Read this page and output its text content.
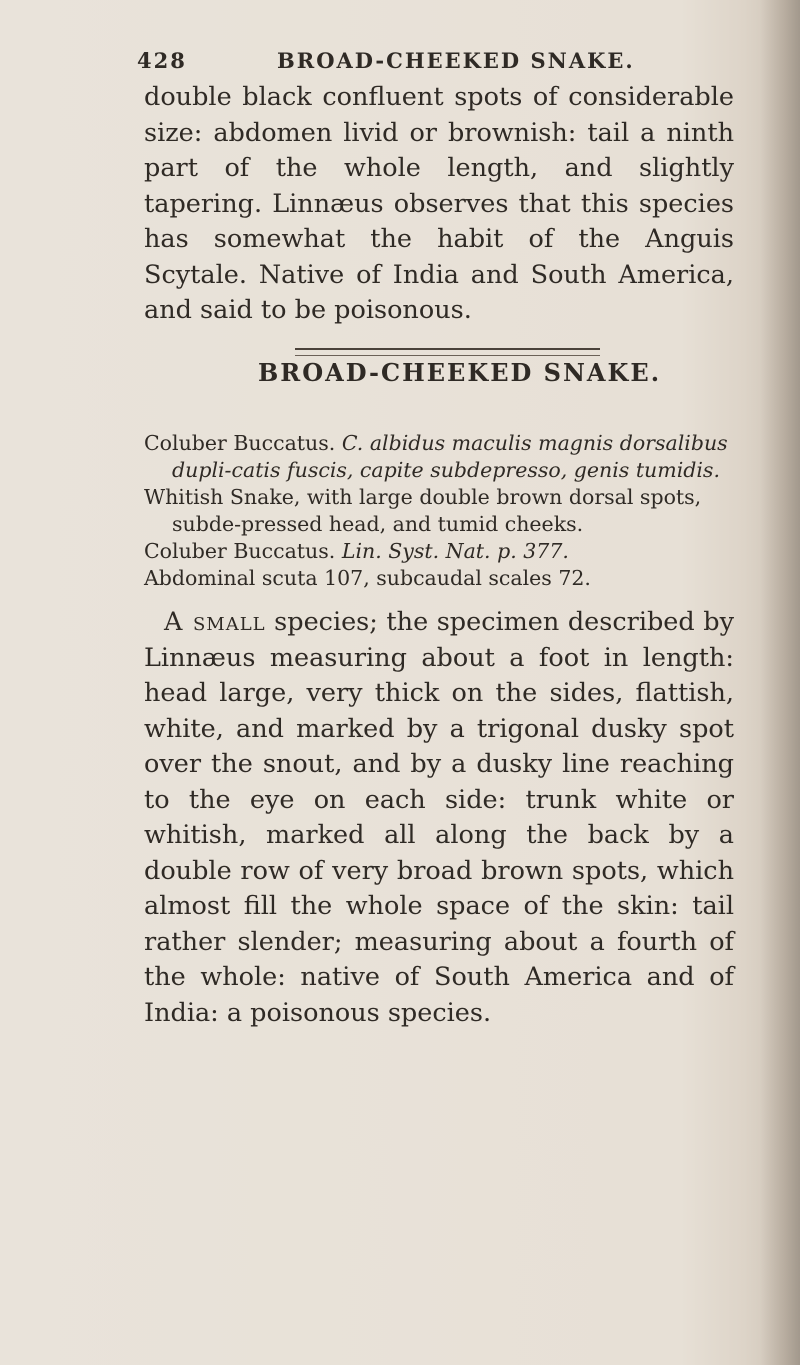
428	BROAD-CHEEKED SNAKE.

double black confluent spots of considerable size: abdomen livid or brownish: tail a ninth part of the whole length, and slightly tapering. Linnæus observes that this species has somewhat the habit of the Anguis Scytale. Native of India and South America, and said to be poisonous.

BROAD-CHEEKED SNAKE.

Coluber Buccatus. C. albidus maculis magnis dorsalibus dupli-catis fuscis, capite subdepresso, genis tumidis.

Whitish Snake, with large double brown dorsal spots, subde-pressed head, and tumid cheeks.

Coluber Buccatus. Lin. Syst. Nat. p. 377.

Abdominal scuta 107, subcaudal scales 72.

A small species; the specimen described by Linnæus measuring about a foot in length: head large, very thick on the sides, flattish, white, and marked by a trigonal dusky spot over the snout, and by a dusky line reaching to the eye on each side: trunk white or whitish, marked all along the back by a double row of very broad brown spots, which almost fill the whole space of the skin: tail rather slender; measuring about a fourth of the whole: native of South America and of India: a poisonous species.
